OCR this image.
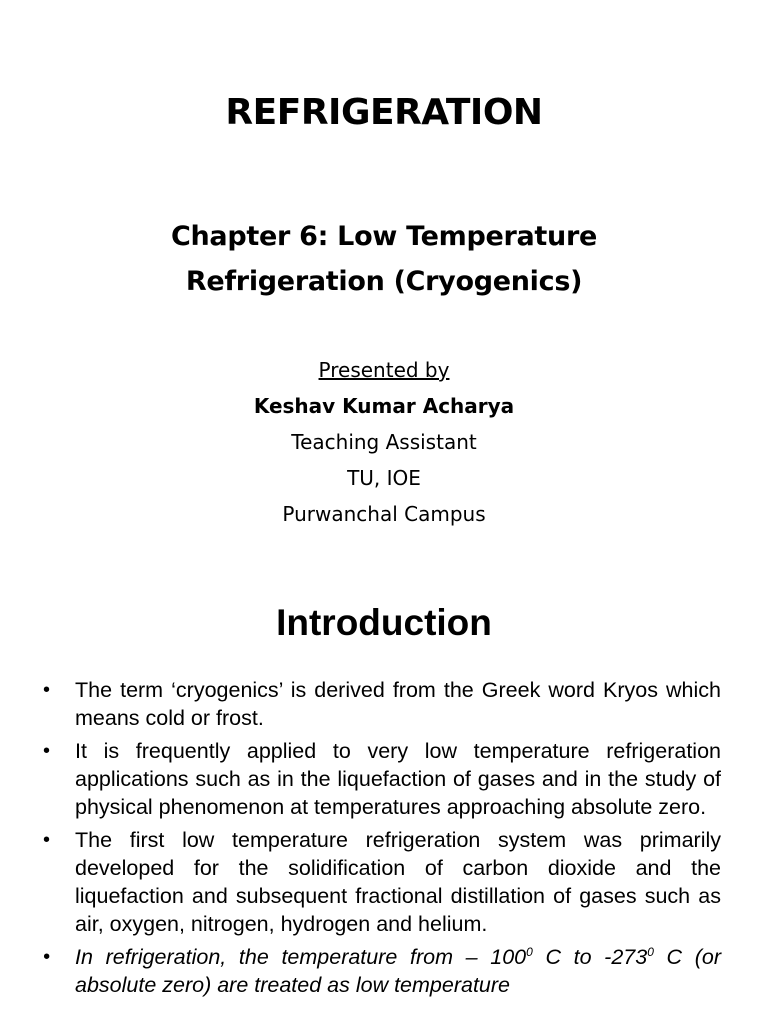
REFRIGERATION
Chapter 6: Low Temperature
Refrigeration (Cryogenics)
Presented by
Keshav Kumar Acharya
Teaching Assistant
TU, IOE
Purwanchal Campus
Introduction
• The term ‘cryogenics’ is derived from the Greek word Kryos which means cold or frost.
• It is frequently applied to very low temperature refrigeration applications such as in the liquefaction of gases and in the study of physical phenomenon at temperatures approaching absolute zero.
• The first low temperature refrigeration system was primarily developed for the solidification of carbon dioxide and the liquefaction and subsequent fractional distillation of gases such as air, oxygen, nitrogen, hydrogen and helium.
• In refrigeration, the temperature from – $100^0$ C to $-273^0$ C (or absolute zero) are treated as low temperature
